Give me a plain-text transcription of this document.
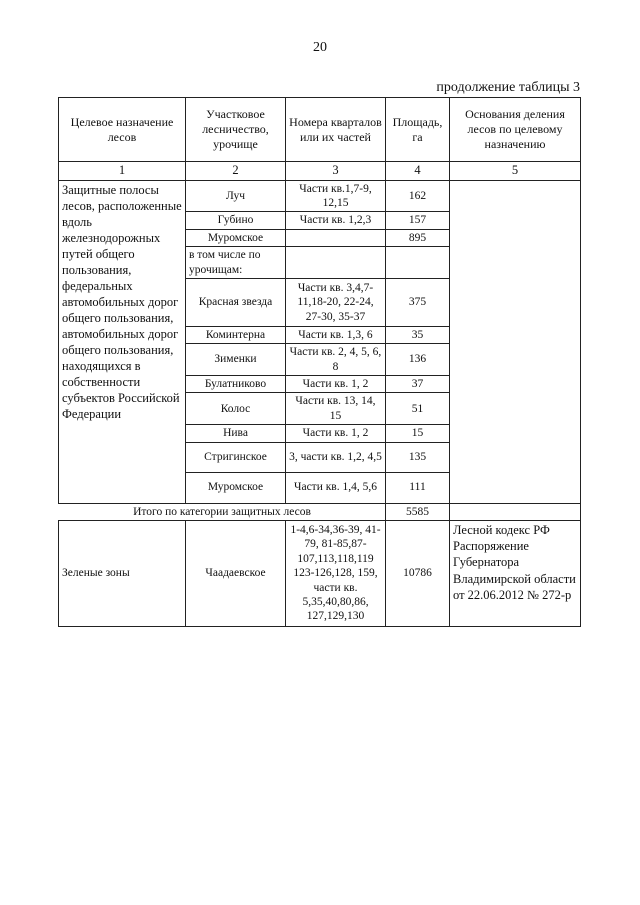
20
продолжение таблицы 3
Целевое назначение лесов	Участковое лесничество, урочище	Номера кварталов или их частей	Площадь, га	Основания деления лесов по целевому назначению
1	2	3	4	5
Защитные полосы лесов, расположенные вдоль железнодорожных путей общего пользования, федеральных автомобильных дорог общего пользования, автомобильных дорог общего пользования, находящихся в собственности субъектов Российской Федерации	Луч	Части кв.1,7-9, 12,15	162	
	Губино	Части кв. 1,2,3	157	
	Муромское		895	
	в том числе по урочищам:			
	Красная звезда	Части кв. 3,4,7-11,18-20, 22-24, 27-30, 35-37	375	
	Коминтерна	Части кв. 1,3, 6	35	
	Зименки	Части кв. 2, 4, 5, 6, 8	136	
	Булатниково	Части кв. 1, 2	37	
	Колос	Части кв. 13, 14, 15	51	
	Нива	Части кв. 1, 2	15	
	Стригинское	3, части кв. 1,2, 4,5	135	
	Муромское	Части кв. 1,4, 5,6	111	
Итого по категории защитных лесов			5585	
Зеленые зоны	Чаадаевское	1-4,6-34,36-39, 41-79, 81-85,87-107,113,118,119 123-126,128, 159, части кв. 5,35,40,80,86, 127,129,130	10786	Лесной кодекс РФ Распоряжение Губернатора Владимирской области от 22.06.2012 № 272-р
